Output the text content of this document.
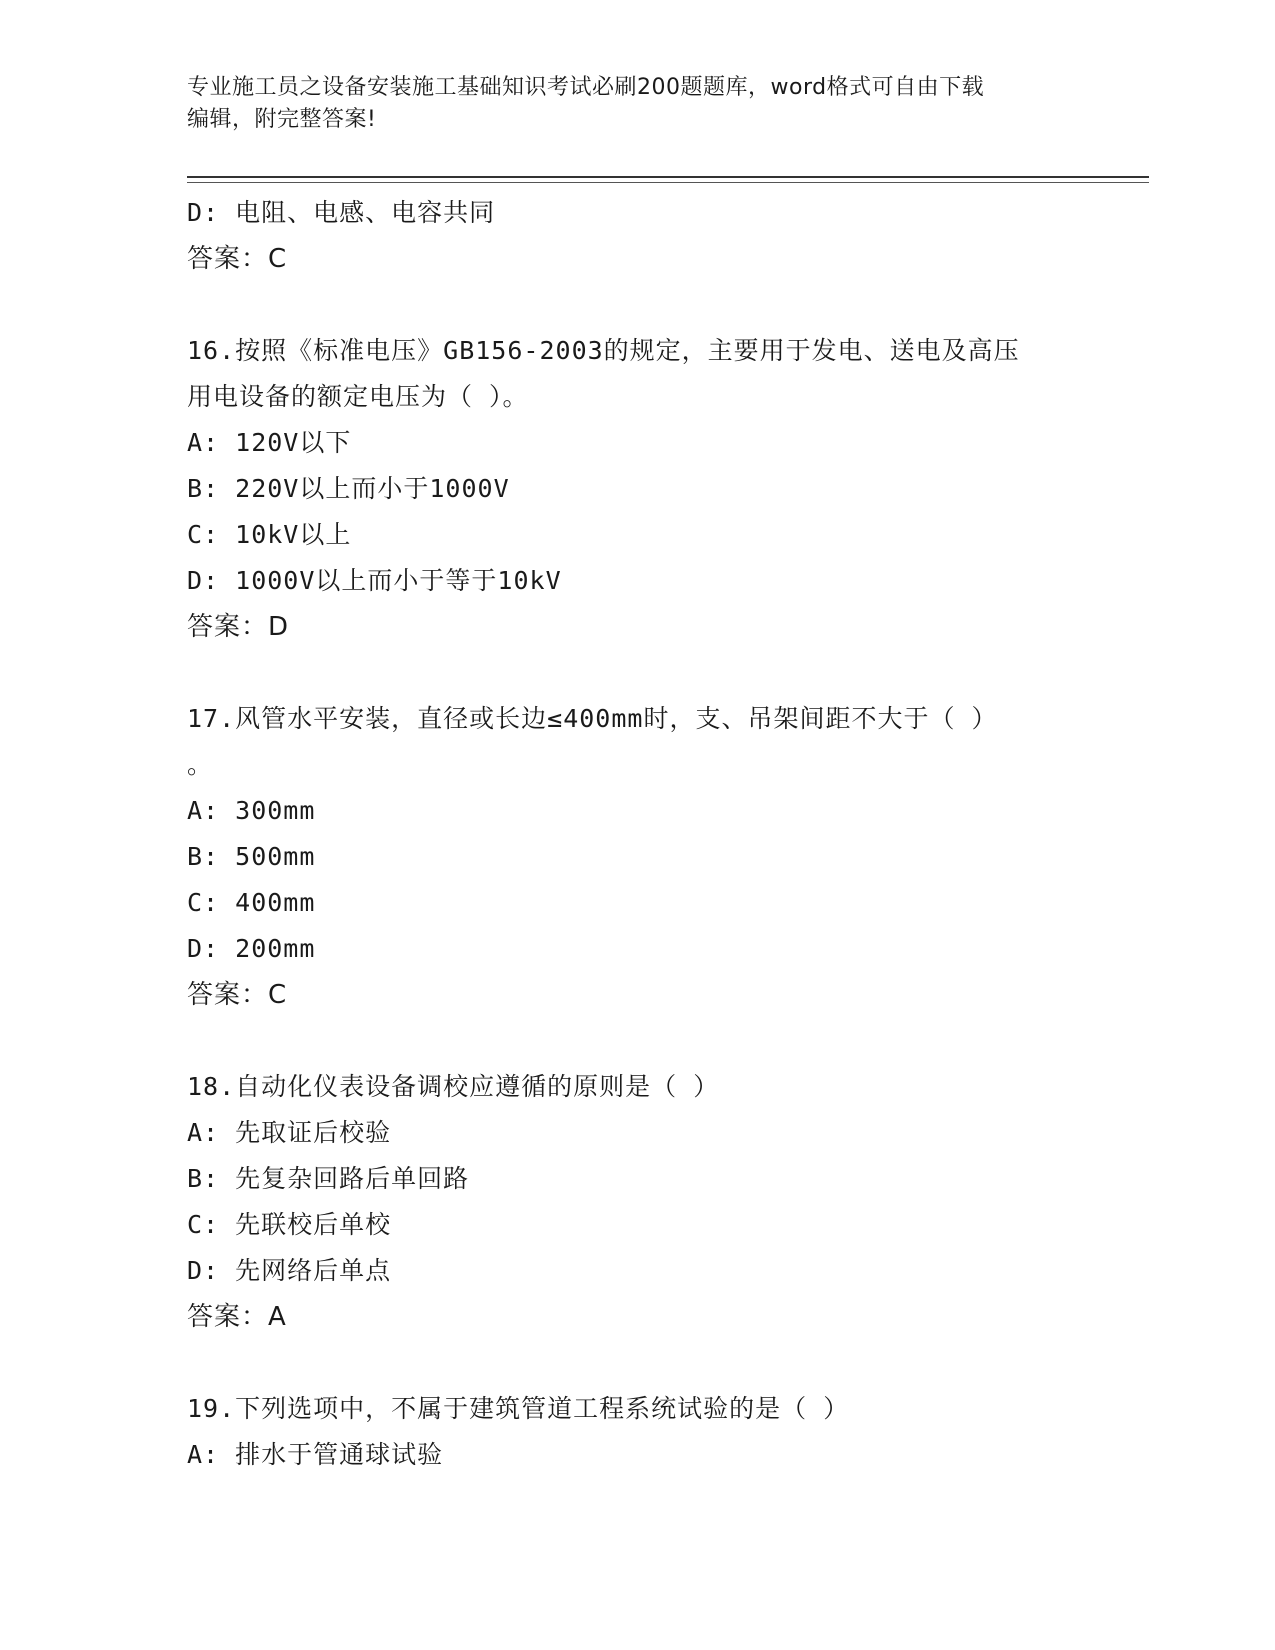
专业施工员之设备安装施工基础知识考试必刷200题题库，word格式可自由下载
编辑，附完整答案!
D: 电阻、电感、电容共同
答案：C
16.按照《标准电压》GB156-2003的规定，主要用于发电、送电及高压
用电设备的额定电压为（ ）。
A: 120V以下
B: 220V以上而小于1000V
C: 10kV以上
D: 1000V以上而小于等于10kV
答案：D
17.风管水平安装，直径或长边≤400mm时，支、吊架间距不大于（ ）
。
A: 300mm
B: 500mm
C: 400mm
D: 200mm
答案：C
18.自动化仪表设备调校应遵循的原则是（ ）
A: 先取证后校验
B: 先复杂回路后单回路
C: 先联校后单校
D: 先网络后单点
答案：A
19.下列选项中，不属于建筑管道工程系统试验的是（ ）
A: 排水于管通球试验
